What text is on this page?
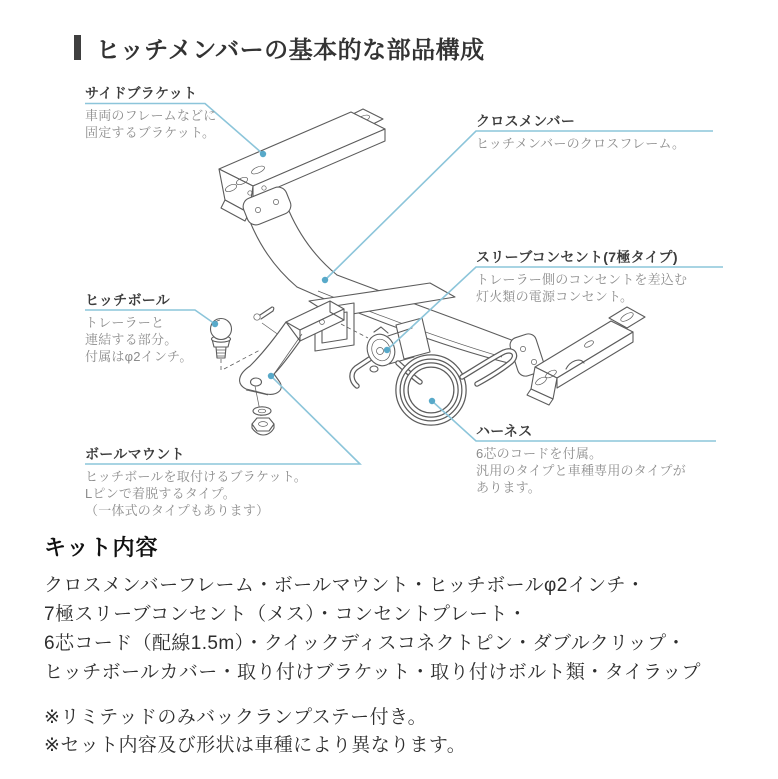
ヒッチメンバーの基本的な部品構成
サイドブラケット
車両のフレームなどに
固定するブラケット。
クロスメンバー
ヒッチメンバーのクロスフレーム。
スリーブコンセント(7極タイプ)
トレーラー側のコンセントを差込む
灯火類の電源コンセント。
ヒッチボール
トレーラーと
連結する部分。
付属はφ2インチ。
ハーネス
6芯のコードを付属。
汎用のタイプと車種専用のタイプが
あります。
ボールマウント
ヒッチボールを取付けるブラケット。
Lピンで着脱するタイプ。
（一体式のタイプもあります）
キット内容

クロスメンバーフレーム・ボールマウント・ヒッチボールφ2インチ・

7極スリーブコンセント（メス）・コンセントプレート・

6芯コード（配線1.5m）・クイックディスコネクトピン・ダブルクリップ・

ヒッチボールカバー・取り付けブラケット・取り付けボルト類・タイラップ

※リミテッドのみバックランプステー付き。

※セット内容及び形状は車種により異なります。
